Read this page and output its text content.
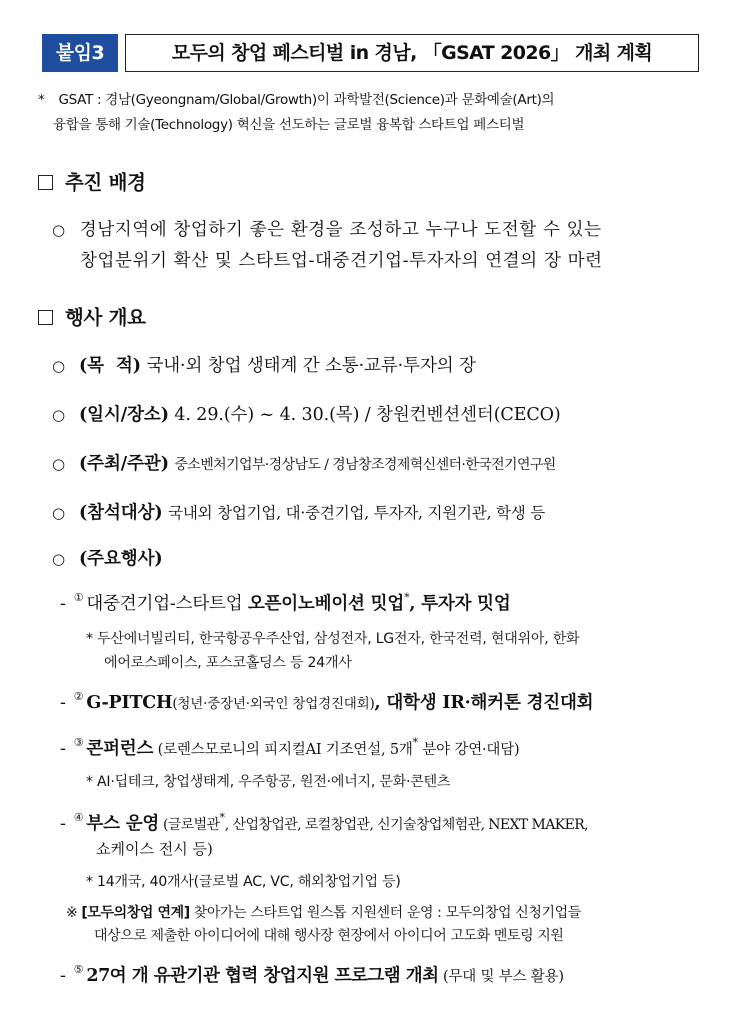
붙임3	모두의 창업 페스티벌 in 경남, 「GSAT 2026」 개최 계획
* GSAT : 경남(Gyeongnam/Global/Growth)이 과학발전(Science)과 문화예술(Art)의
융합을 통해 기술(Technology) 혁신을 선도하는 글로벌 융복합 스타트업 페스티벌
추진 배경
○ 경남지역에 창업하기 좋은 환경을 조성하고 누구나 도전할 수 있는
창업분위기 확산 및 스타트업-대중견기업-투자자의 연결의 장 마련
행사 개요
○ (목  적) 국내·외 창업 생태계 간 소통·교류·투자의 장
○ (일시/장소) 4. 29.(수) ~ 4. 30.(목) / 창원컨벤션센터(CECO)
○ (주최/주관) 중소벤처기업부·경상남도 / 경남창조경제혁신센터·한국전기연구원
○ (참석대상) 국내외 창업기업, 대·중견기업, 투자자, 지원기관, 학생 등
○ (주요행사)
- ① 대중견기업-스타트업 오픈이노베이션 밋업*, 투자자 밋업
* 두산에너빌리티, 한국항공우주산업, 삼성전자, LG전자, 한국전력, 현대위아, 한화
에어로스페이스, 포스코홀딩스 등 24개사
- ② G-PITCH(청년·중장년·외국인 창업경진대회), 대학생 IR·해커톤 경진대회
- ③ 콘퍼런스 (로렌스모로니의 피지컬AI 기조연설, 5개* 분야 강연·대담)
* AI·딥테크, 창업생태계, 우주항공, 원전·에너지, 문화·콘텐츠
- ④ 부스 운영 (글로벌관*, 산업창업관, 로컬창업관, 신기술창업체험관, NEXT MAKER,
쇼케이스 전시 등)
* 14개국, 40개사(글로벌 AC, VC, 해외창업기업 등)
※ [모두의창업 연계] 찾아가는 스타트업 원스톱 지원센터 운영 : 모두의창업 신청기업들
대상으로 제출한 아이디어에 대해 행사장 현장에서 아이디어 고도화 멘토링 지원
- ⑤ 27여 개 유관기관 협력 창업지원 프로그램 개최 (무대 및 부스 활용)
